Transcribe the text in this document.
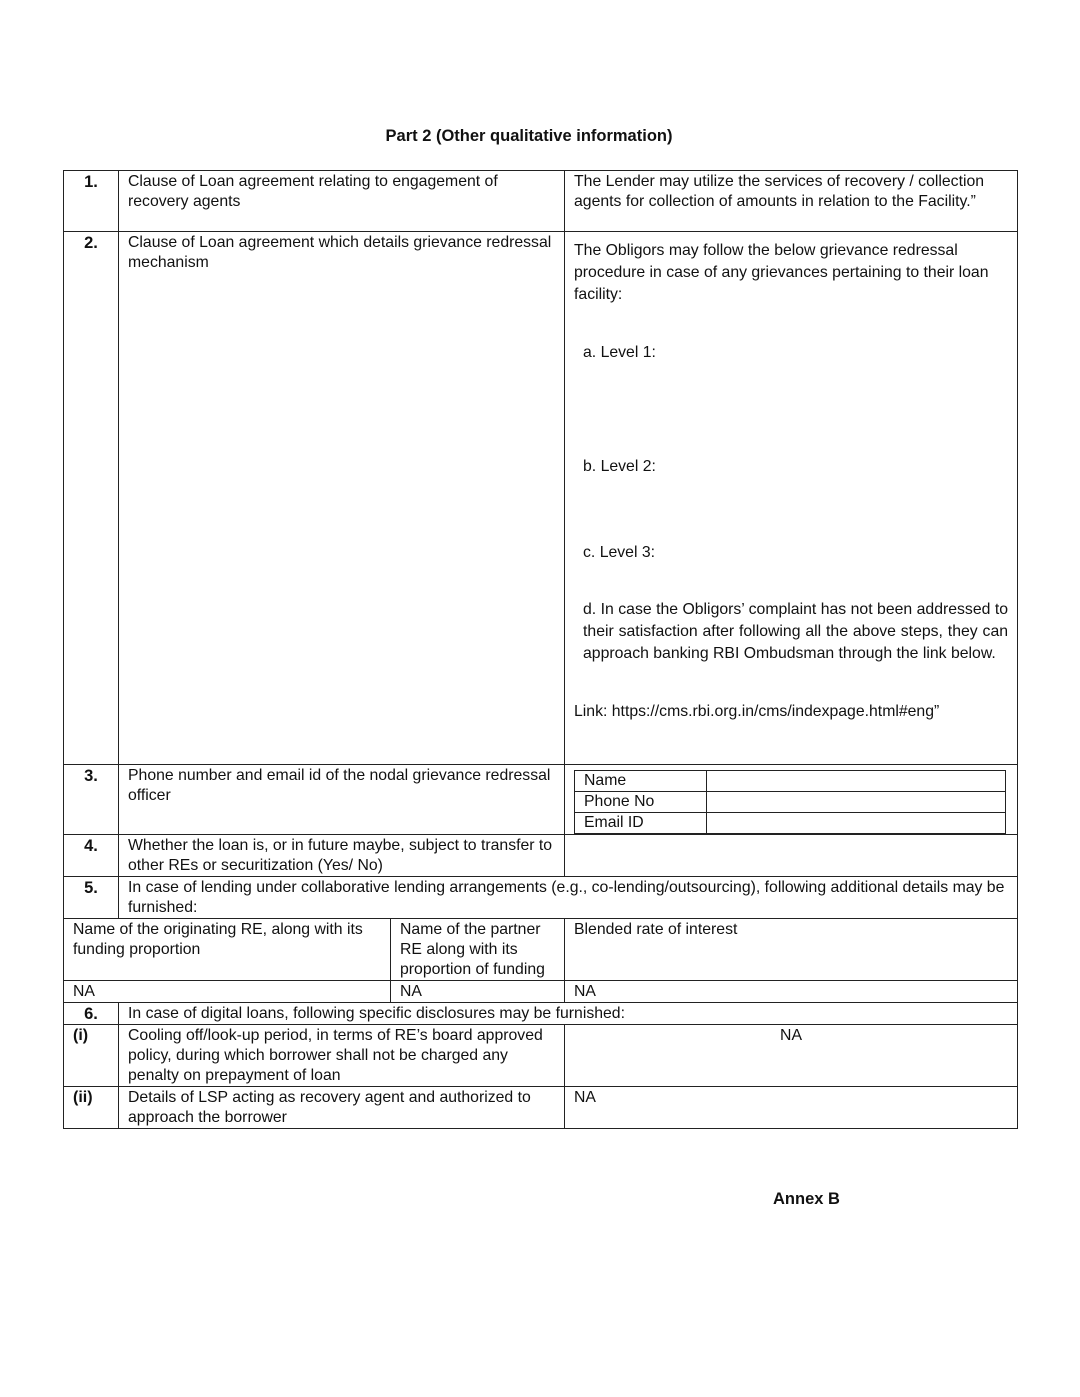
Part 2 (Other qualitative information)
1.	Clause of Loan agreement relating to engagement of recovery agents	The Lender may utilize the services of recovery / collection agents for collection of amounts in relation to the Facility.”
2.	Clause of Loan agreement which details grievance redressal mechanism	
The Obligors may follow the below grievance redressal procedure in case of any grievances pertaining to their loan facility:
a. Level 1:
b. Level 2:
c. Level 3:
d. In case the Obligors’ complaint has not been addressed to their satisfaction after following all the above steps, they can approach banking RBI Ombudsman through the link below.
Link: https://cms.rbi.org.in/cms/indexpage.html#eng”

3.	Phone number and email id of the nodal grievance redressal officer	
Name	
Phone No	
Email ID	

4.	Whether the loan is, or in future maybe, subject to transfer to other REs or securitization (Yes/ No)	
5.	In case of lending under collaborative lending arrangements (e.g., co-lending/outsourcing), following additional details may be furnished:
Name of the originating RE, along with its funding proportion	Name of the partner RE along with its proportion of funding	Blended rate of interest
NA	NA	NA
6.	In case of digital loans, following specific disclosures may be furnished:
(i)	Cooling off/look-up period, in terms of RE’s board approved policy, during which borrower shall not be charged any penalty on prepayment of loan	NA
(ii)	Details of LSP acting as recovery agent and authorized to approach the borrower	NA
Annex B
